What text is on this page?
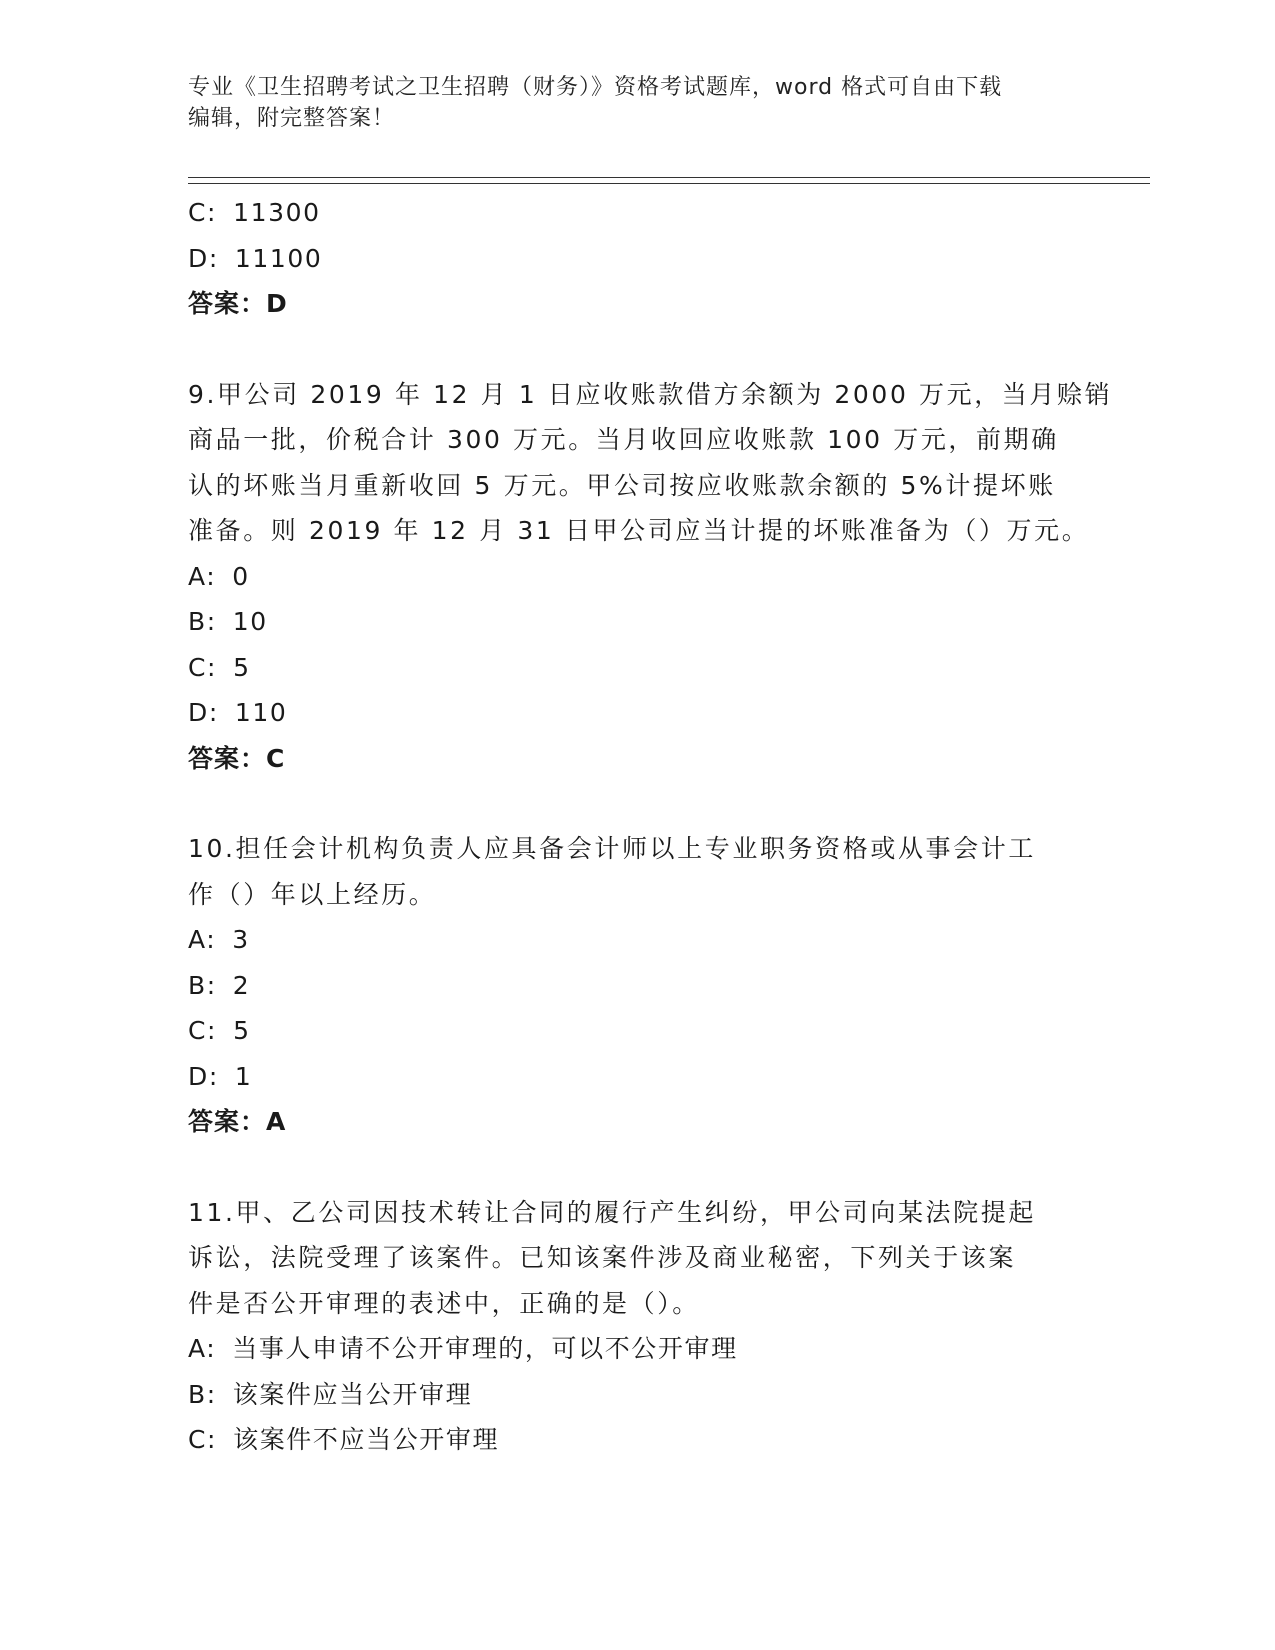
专业《卫生招聘考试之卫生招聘（财务）》资格考试题库，word 格式可自由下载
编辑，附完整答案！
C: 11300
D: 11100
答案：D
9.甲公司 2019 年 12 月 1 日应收账款借方余额为 2000 万元，当月赊销
商品一批，价税合计 300 万元。当月收回应收账款 100 万元，前期确
认的坏账当月重新收回 5 万元。甲公司按应收账款余额的 5%计提坏账
准备。则 2019 年 12 月 31 日甲公司应当计提的坏账准备为（）万元。
A: 0
B: 10
C: 5
D: 110
答案：C
10.担任会计机构负责人应具备会计师以上专业职务资格或从事会计工
作（）年以上经历。
A: 3
B: 2
C: 5
D: 1
答案：A
11.甲、乙公司因技术转让合同的履行产生纠纷，甲公司向某法院提起
诉讼，法院受理了该案件。已知该案件涉及商业秘密，下列关于该案
件是否公开审理的表述中，正确的是（）。
A: 当事人申请不公开审理的，可以不公开审理
B: 该案件应当公开审理
C: 该案件不应当公开审理
